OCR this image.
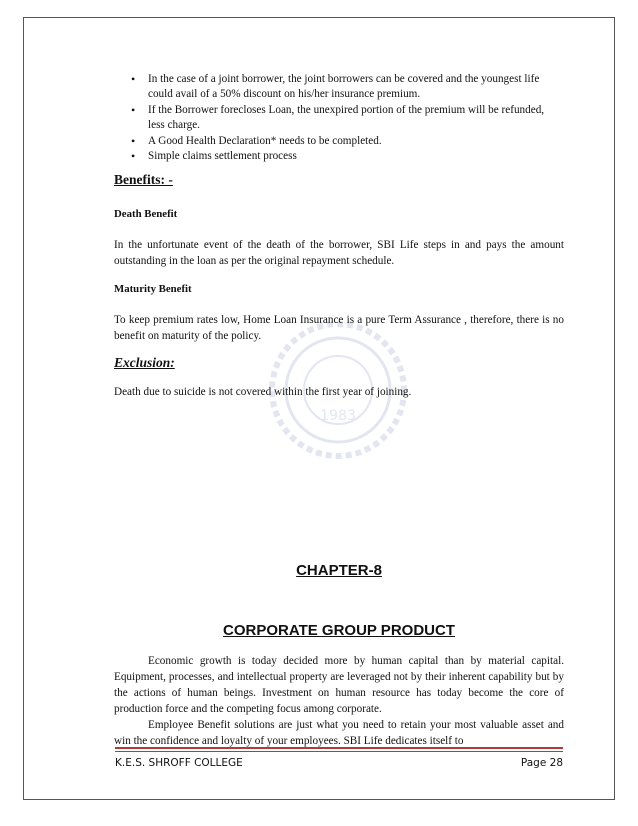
1983
• In the case of a joint borrower, the joint borrowers can be covered and the youngest life could avail of a 50% discount on his/her insurance premium.
• If the Borrower forecloses Loan, the unexpired portion of the premium will be refunded, less charge.
• A Good Health Declaration* needs to be completed.
• Simple claims settlement process
Benefits: -
Death Benefit
In the unfortunate event of the death of the borrower, SBI Life steps in and pays the amount outstanding in the loan as per the original repayment schedule.
Maturity Benefit
To keep premium rates low, Home Loan Insurance is a pure Term Assurance , therefore, there is no benefit on maturity of the policy.
Exclusion:
Death due to suicide is not covered within the first year of joining.
CHAPTER-8
CORPORATE GROUP PRODUCT
Economic growth is today decided more by human capital than by material capital. Equipment, processes, and intellectual property are leveraged not by their inherent capability but by the actions of human beings. Investment on human resource has today become the core of production force and the competing focus among corporate.
Employee Benefit solutions are just what you need to retain your most valuable asset and win the confidence and loyalty of your employees. SBI Life dedicates itself to
K.E.S. SHROFF COLLEGE	Page 28
